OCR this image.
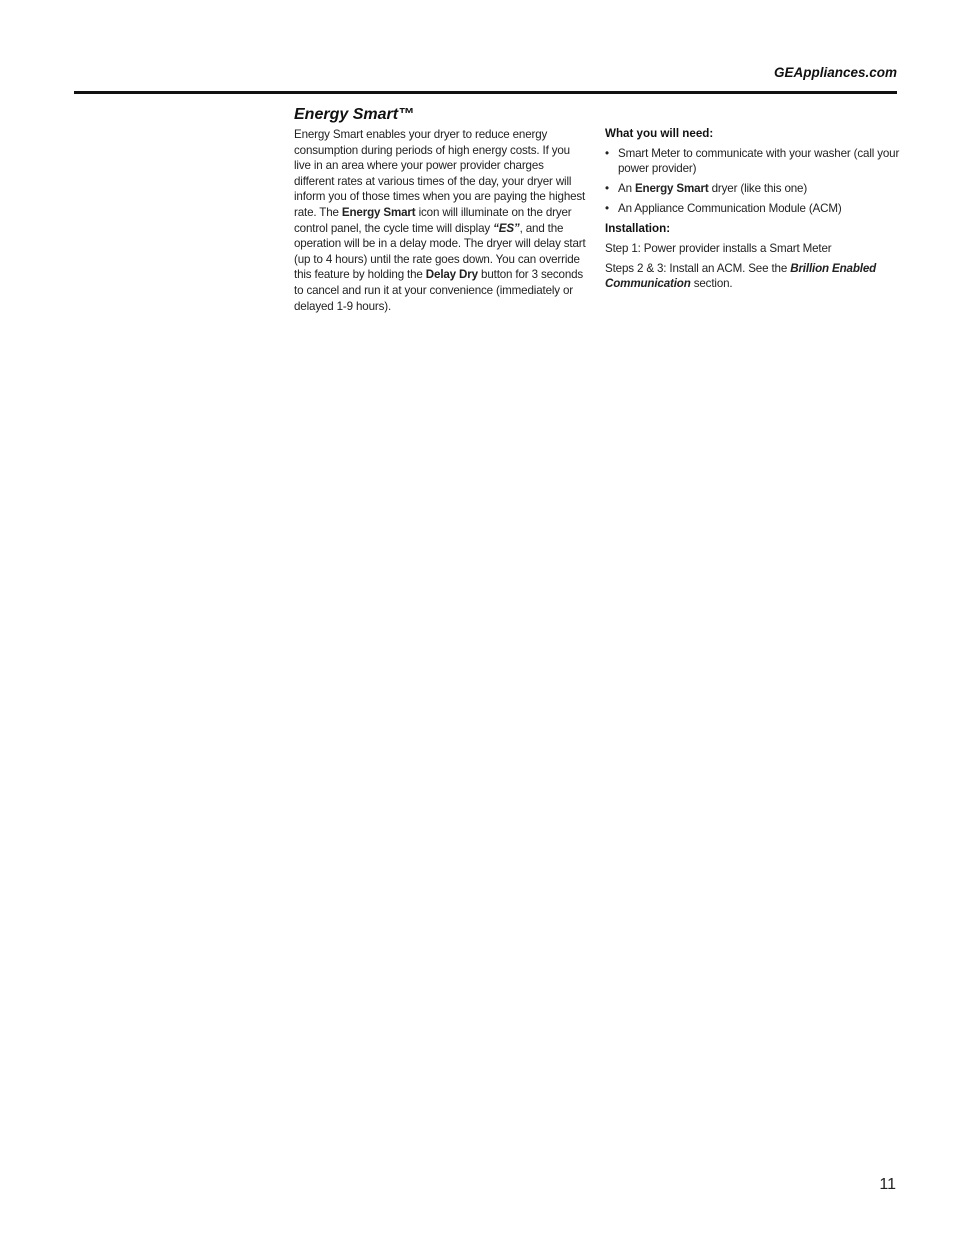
GEAppliances.com
Energy Smart™

Energy Smart enables your dryer to reduce energy consumption during periods of high energy costs. If you live in an area where your power provider charges different rates at various times of the day, your dryer will inform you of those times when you are paying the highest rate. The Energy Smart icon will illuminate on the dryer control panel, the cycle time will display “ES”, and the operation will be in a delay mode. The dryer will delay start (up to 4 hours) until the rate goes down. You can override this feature by holding the Delay Dry button for 3 seconds to cancel and run it at your convenience (immediately or delayed 1-9 hours).

What you will need:

• Smart Meter to communicate with your washer (call your power provider)
• An Energy Smart dryer (like this one)
• An Appliance Communication Module (ACM)

Installation:

Step 1: Power provider installs a Smart Meter

Steps 2 & 3: Install an ACM. See the Brillion Enabled Communication section.

11
